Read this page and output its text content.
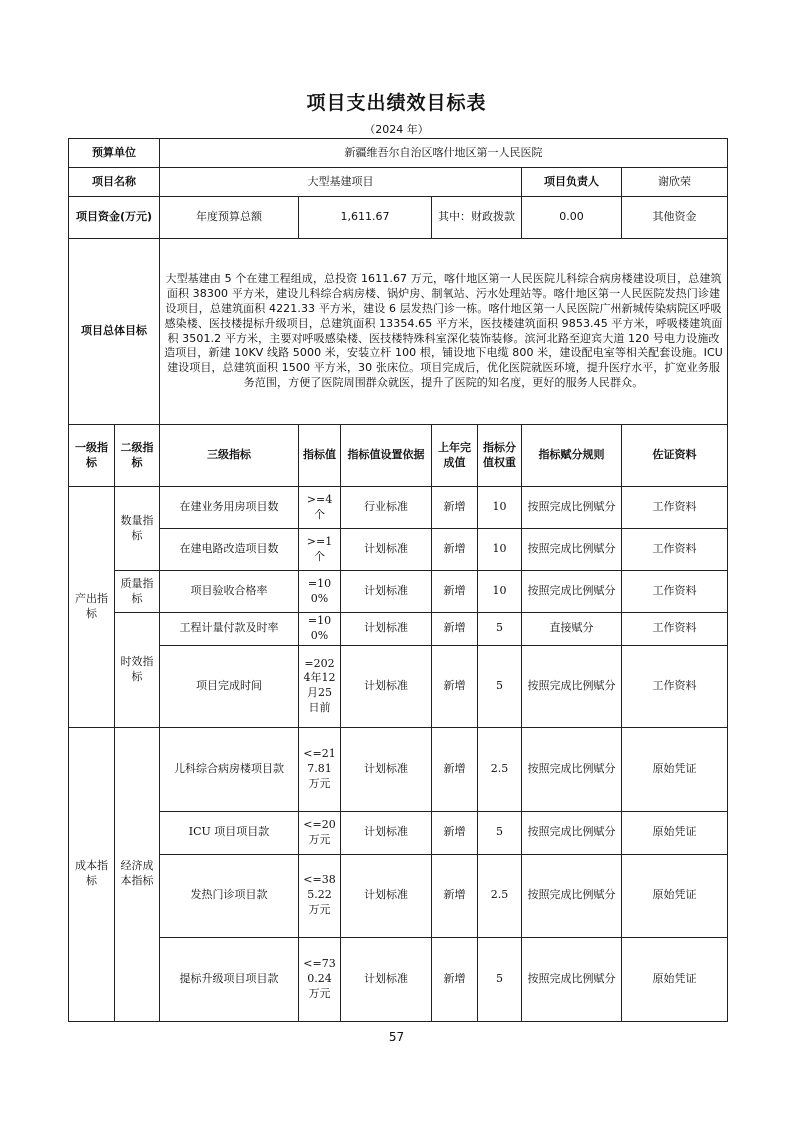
项目支出绩效目标表
（2024 年）
预算单位		新疆维吾尔自治区喀什地区第一人民医院						
项目名称		大型基建项目					项目负责人	谢欣荣
项目资金(万元)		年度预算总额	1,611.67		其中：财政拨款		0.00	其他资金
项目总体目标		大型基建由 5 个在建工程组成，总投资 1611.67 万元，喀什地区第一人民医院儿科综合病房楼建设项目，总建筑面积 38300 平方米，建设儿科综合病房楼、锅炉房、制氧站、污水处理站等。喀什地区第一人民医院发热门诊建设项目，总建筑面积 4221.33 平方米，建设 6 层发热门诊一栋。喀什地区第一人民医院广州新城传染病院区呼吸感染楼、医技楼提标升级项目，总建筑面积 13354.65 平方米，医技楼建筑面积 9853.45 平方米，呼吸楼建筑面积 3501.2 平方米，主要对呼吸感染楼、医技楼特殊科室深化装饰装修。滨河北路至迎宾大道 120 号电力设施改造项目，新建 10KV 线路 5000 米，安装立杆 100 根，铺设地下电缆 800 米，建设配电室等相关配套设施。ICU 建设项目，总建筑面积 1500 平方米，30 张床位。项目完成后，优化医院就医环境，提升医疗水平，扩宽业务服务范围，方便了医院周围群众就医，提升了医院的知名度，更好的服务人民群众。						
一级指标	二级指标	三级指标	指标值	指标值设置依据	上年完成值	指标分值权重	指标赋分规则	佐证资料
产出指标	数量指标	在建业务用房项目数	>=4个	行业标准	新增	10	按照完成比例赋分	工作资料
		在建电路改造项目数	>=1个	计划标准	新增	10	按照完成比例赋分	工作资料
	质量指标	项目验收合格率	=100%	计划标准	新增	10	按照完成比例赋分	工作资料
	时效指标	工程计量付款及时率	=100%	计划标准	新增	5	直接赋分	工作资料
		项目完成时间	=2024年12月25日前	计划标准	新增	5	按照完成比例赋分	工作资料
成本指标	经济成本指标	儿科综合病房楼项目款	<=217.81万元	计划标准	新增	2.5	按照完成比例赋分	原始凭证
		ICU 项目项目款	<=20万元	计划标准	新增	5	按照完成比例赋分	原始凭证
		发热门诊项目款	<=385.22万元	计划标准	新增	2.5	按照完成比例赋分	原始凭证
		提标升级项目项目款	<=730.24万元	计划标准	新增	5	按照完成比例赋分	原始凭证
57
